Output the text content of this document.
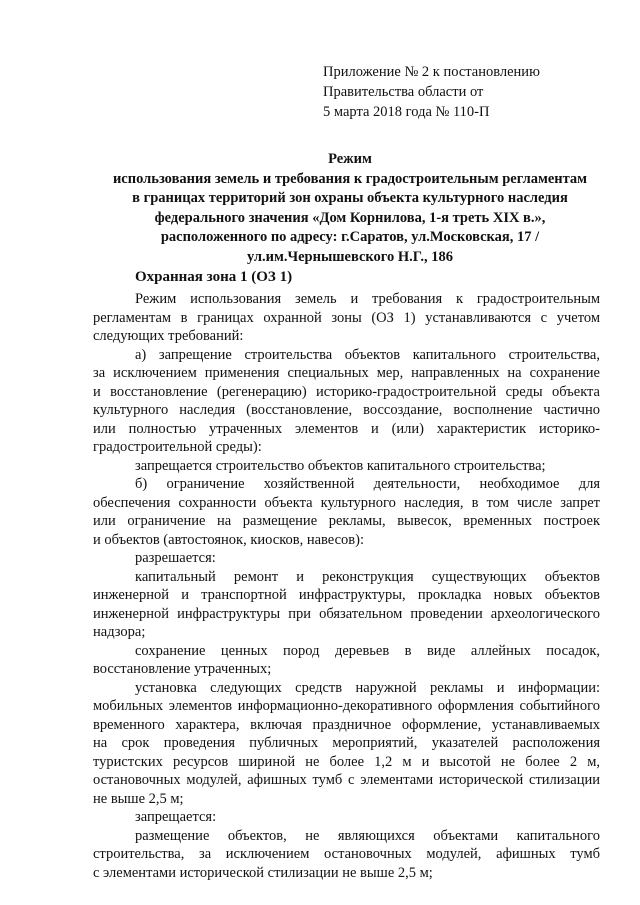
Приложение № 2 к постановлению
Правительства области от
5 марта 2018 года № 110-П
Режим
использования земель и требования к градостроительным регламентам
в границах территорий зон охраны объекта культурного наследия
федерального значения «Дом Корнилова, 1-я треть XIX в.»,
расположенного по адресу: г.Саратов, ул.Московская, 17 /
ул.им.Чернышевского Н.Г., 186
Охранная зона 1 (ОЗ 1)
Режим использования земель и требования к градостроительным
регламентам в границах охранной зоны (ОЗ 1) устанавливаются с учетом
следующих требований:
а) запрещение строительства объектов капитального строительства,
за исключением применения специальных мер, направленных на сохранение
и восстановление (регенерацию) историко-градостроительной среды объекта
культурного наследия (восстановление, воссоздание, восполнение частично
или полностью утраченных элементов и (или) характеристик историко-
градостроительной среды):
запрещается строительство объектов капитального строительства;
б) ограничение хозяйственной деятельности, необходимое для
обеспечения сохранности объекта культурного наследия, в том числе запрет
или ограничение на размещение рекламы, вывесок, временных построек
и объектов (автостоянок, киосков, навесов):
разрешается:
капитальный ремонт и реконструкция существующих объектов
инженерной и транспортной инфраструктуры, прокладка новых объектов
инженерной инфраструктуры при обязательном проведении археологического
надзора;
сохранение ценных пород деревьев в виде аллейных посадок,
восстановление утраченных;
установка следующих средств наружной рекламы и информации:
мобильных элементов информационно-декоративного оформления событийного
временного характера, включая праздничное оформление, устанавливаемых
на срок проведения публичных мероприятий, указателей расположения
туристских ресурсов шириной не более 1,2 м и высотой не более 2 м,
остановочных модулей, афишных тумб с элементами исторической стилизации
не выше 2,5 м;
запрещается:
размещение объектов, не являющихся объектами капитального
строительства, за исключением остановочных модулей, афишных тумб
с элементами исторической стилизации не выше 2,5 м;
